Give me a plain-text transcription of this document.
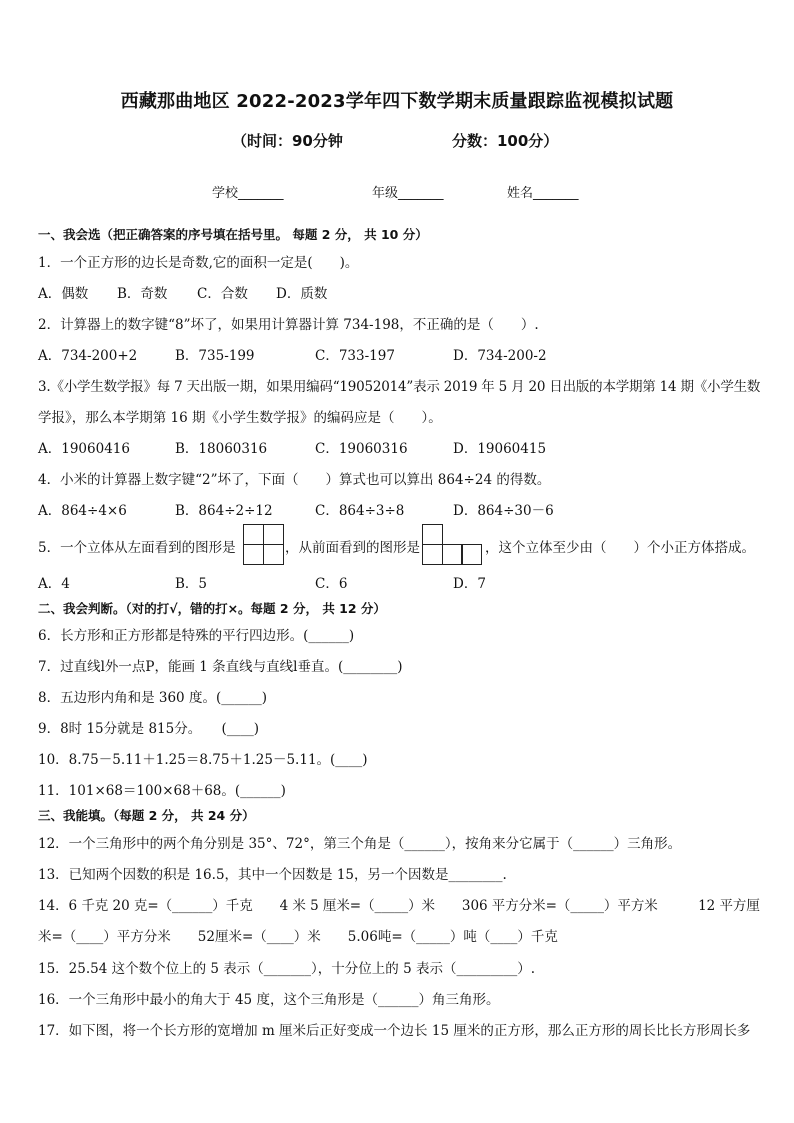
西藏那曲地区 2022-2023学年四下数学期末质量跟踪监视模拟试题
（时间：90分钟	分数：100分）
学校_______	年级_______	姓名_______
一、我会选（把正确答案的序号填在括号里。 每题 2 分， 共 10 分）
1．一个正方形的边长是奇数,它的面积一定是(　　)。
A．偶数 B．奇数 C．合数 D．质数
2．计算器上的数字键“8”坏了，如果用计算器计算 734-198，不正确的是（　　）.
A．734-200+2	B．735-199	C．733-197	D．734-200-2
3.《小学生数学报》每 7 天出版一期，如果用编码“19052014”表示 2019 年 5 月 20 日出版的本学期第 14 期《小学生数
学报》，那么本学期第 16 期《小学生数学报》的编码应是（　　）。
A．19060416	B．18060316	C．19060316	D．19060415
4．小米的计算器上数字键“2”坏了，下面（　　）算式也可以算出 864÷24 的得数。
A．864÷4×6	B．864÷2÷12	C．864÷3÷8	D．864÷30－6
5．一个立体从左面看到的图形是	，从前面看到的图形是	，这个立体至少由（　　）个小正方体搭成。
A．4	B．5	C．6	D．7
二、我会判断。（对的打√，错的打×。每题 2 分， 共 12 分）
6．长方形和正方形都是特殊的平行四边形。(______)
7．过直线l外一点P，能画 1 条直线与直线l垂直。(________)
8．五边形内角和是 360 度。(______)
9．8时 15分就是 815分。　　(____)
10．8.75－5.11＋1.25＝8.75＋1.25－5.11。(____)
11．101×68＝100×68＋68。(______)
三、我能填。（每题 2 分， 共 24 分）
12．一个三角形中的两个角分别是 35°、72°，第三个角是（______），按角来分它属于（______）三角形。
13．已知两个因数的积是 16.5，其中一个因数是 15，另一个因数是________.
14．6 千克 20 克=（______）千克　　4 米 5 厘米=（_____）米　　306 平方分米=（_____）平方米　　　12 平方厘
米=（____）平方分米　　52厘米=（____）米　　5.06吨=（_____）吨（____）千克
15．25.54 这个数个位上的 5 表示（_______），十分位上的 5 表示（_________）.
16．一个三角形中最小的角大于 45 度，这个三角形是（______）角三角形。
17．如下图，将一个长方形的宽增加 m 厘米后正好变成一个边长 15 厘米的正方形，那么正方形的周长比长方形周长多
